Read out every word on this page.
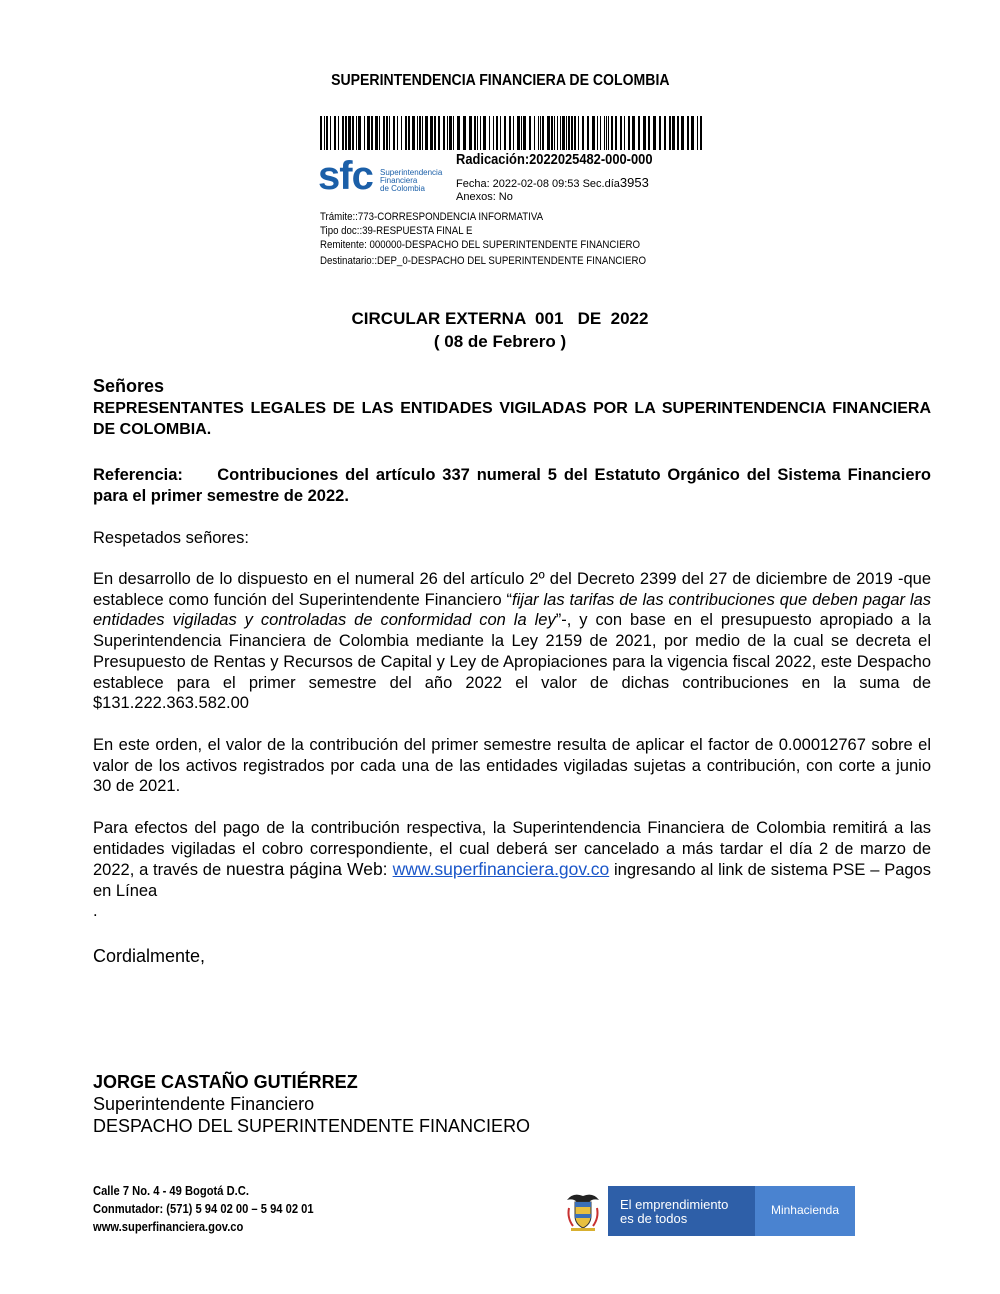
SUPERINTENDENCIA FINANCIERA DE COLOMBIA
sfc Superintendencia
Financiera
de Colombia
Radicación:2022025482-000-000
Fecha: 2022-02-08 09:53 Sec.día3953
Anexos: No
Trámite::773-CORRESPONDENCIA INFORMATIVA
Tipo doc::39-RESPUESTA FINAL E
Remitente: 000000-DESPACHO DEL SUPERINTENDENTE FINANCIERO
Destinatario::DEP_0-DESPACHO DEL SUPERINTENDENTE FINANCIERO
CIRCULAR EXTERNA  001   DE  2022
( 08 de Febrero )
Señores
REPRESENTANTES LEGALES DE LAS ENTIDADES VIGILADAS POR LA SUPERINTENDENCIA FINANCIERA DE COLOMBIA.
Referencia: Contribuciones del artículo 337 numeral 5 del Estatuto Orgánico del Sistema Financiero para el primer semestre de 2022.
Respetados señores:
En desarrollo de lo dispuesto en el numeral 26 del artículo 2º del Decreto 2399 del 27 de diciembre de 2019 -que establece como función del Superintendente Financiero “fijar las tarifas de las contribuciones que deben pagar las entidades vigiladas y controladas de conformidad con la ley”-, y con base en el presupuesto apropiado a la Superintendencia Financiera de Colombia mediante la Ley 2159 de 2021, por medio de la cual se decreta el Presupuesto de Rentas y Recursos de Capital y Ley de Apropiaciones para la vigencia fiscal 2022, este Despacho establece para el primer semestre del año 2022 el valor de dichas contribuciones en la suma de $131.222.363.582.00
En este orden, el valor de la contribución del primer semestre resulta de aplicar el factor de 0.00012767 sobre el valor de los activos registrados por cada una de las entidades vigiladas sujetas a contribución, con corte a junio 30 de 2021.
Para efectos del pago de la contribución respectiva, la Superintendencia Financiera de Colombia remitirá a las entidades vigiladas el cobro correspondiente, el cual deberá ser cancelado a más tardar el día 2 de marzo de 2022, a través de nuestra página Web: www.superfinanciera.gov.co ingresando al link de sistema PSE – Pagos en Línea
.
Cordialmente,
JORGE CASTAÑO GUTIÉRREZ
Superintendente Financiero
DESPACHO DEL SUPERINTENDENTE FINANCIERO
Calle 7 No. 4 - 49 Bogotá D.C.
Conmutador: (571) 5 94 02 00 – 5 94 02 01
www.superfinanciera.gov.co
El emprendimiento
es de todos
Minhacienda
